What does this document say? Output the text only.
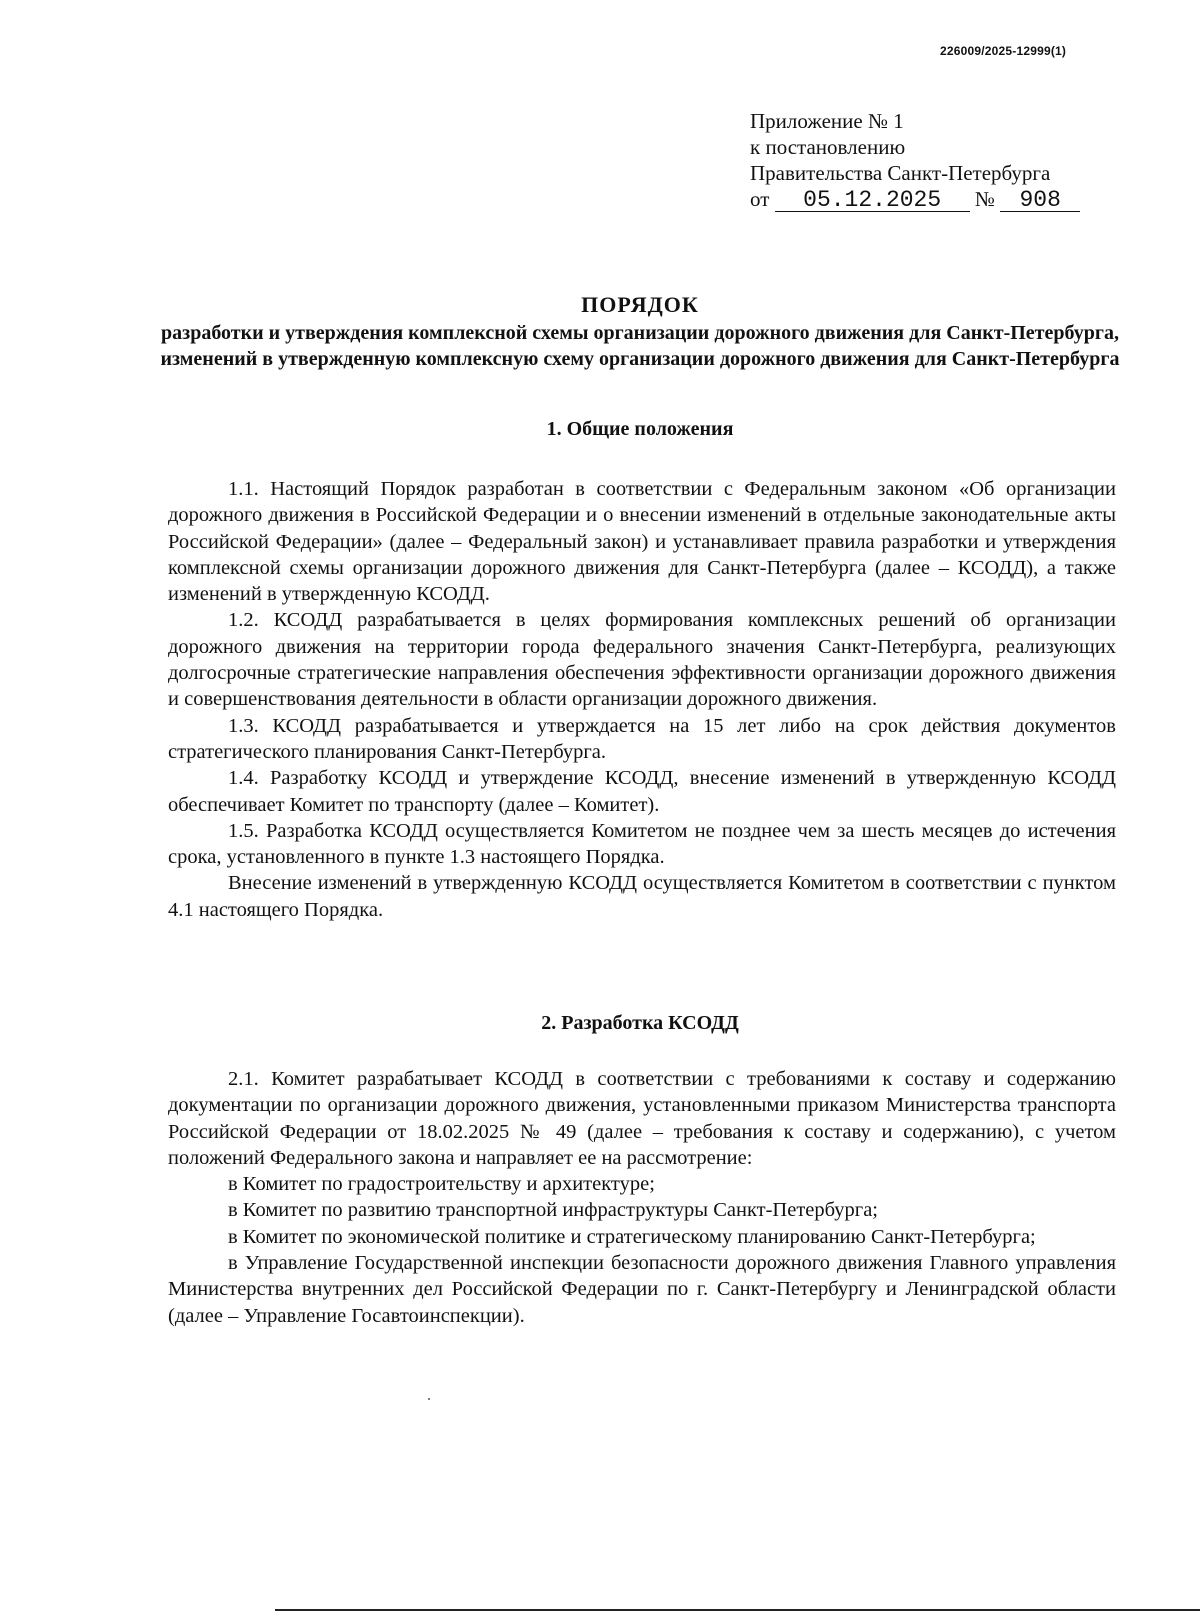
226009/2025-12999(1)
Приложение № 1
к постановлению
Правительства Санкт-Петербурга
от 05.12.2025 № 908
ПОРЯДОК
разработки и утверждения комплексной схемы организации дорожного движения для Санкт-Петербурга, изменений в утвержденную комплексную схему организации дорожного движения для Санкт-Петербурга
1. Общие положения

1.1. Настоящий Порядок разработан в соответствии с Федеральным законом «Об организации дорожного движения в Российской Федерации и о внесении изменений в отдельные законодательные акты Российской Федерации» (далее – Федеральный закон) и устанавливает правила разработки и утверждения комплексной схемы организации дорожного движения для Санкт-Петербурга (далее – КСОДД), а также изменений в утвержденную КСОДД.

1.2. КСОДД разрабатывается в целях формирования комплексных решений об организации дорожного движения на территории города федерального значения Санкт-Петербурга, реализующих долгосрочные стратегические направления обеспечения эффективности организации дорожного движения и совершенствования деятельности в области организации дорожного движения.

1.3. КСОДД разрабатывается и утверждается на 15 лет либо на срок действия документов стратегического планирования Санкт-Петербурга.

1.4. Разработку КСОДД и утверждение КСОДД, внесение изменений в утвержденную КСОДД обеспечивает Комитет по транспорту (далее – Комитет).

1.5. Разработка КСОДД осуществляется Комитетом не позднее чем за шесть месяцев до истечения срока, установленного в пункте 1.3 настоящего Порядка.

Внесение изменений в утвержденную КСОДД осуществляется Комитетом в соответствии с пунктом 4.1 настоящего Порядка.

2. Разработка КСОДД

2.1. Комитет разрабатывает КСОДД в соответствии с требованиями к составу и содержанию документации по организации дорожного движения, установленными приказом Министерства транспорта Российской Федерации от 18.02.2025 № 49 (далее – требования к составу и содержанию), с учетом положений Федерального закона и направляет ее на рассмотрение:

в Комитет по градостроительству и архитектуре;

в Комитет по развитию транспортной инфраструктуры Санкт-Петербурга;

в Комитет по экономической политике и стратегическому планированию Санкт-Петербурга;

в Управление Государственной инспекции безопасности дорожного движения Главного управления Министерства внутренних дел Российской Федерации по г. Санкт-Петербургу и Ленинградской области (далее – Управление Госавтоинспекции).
